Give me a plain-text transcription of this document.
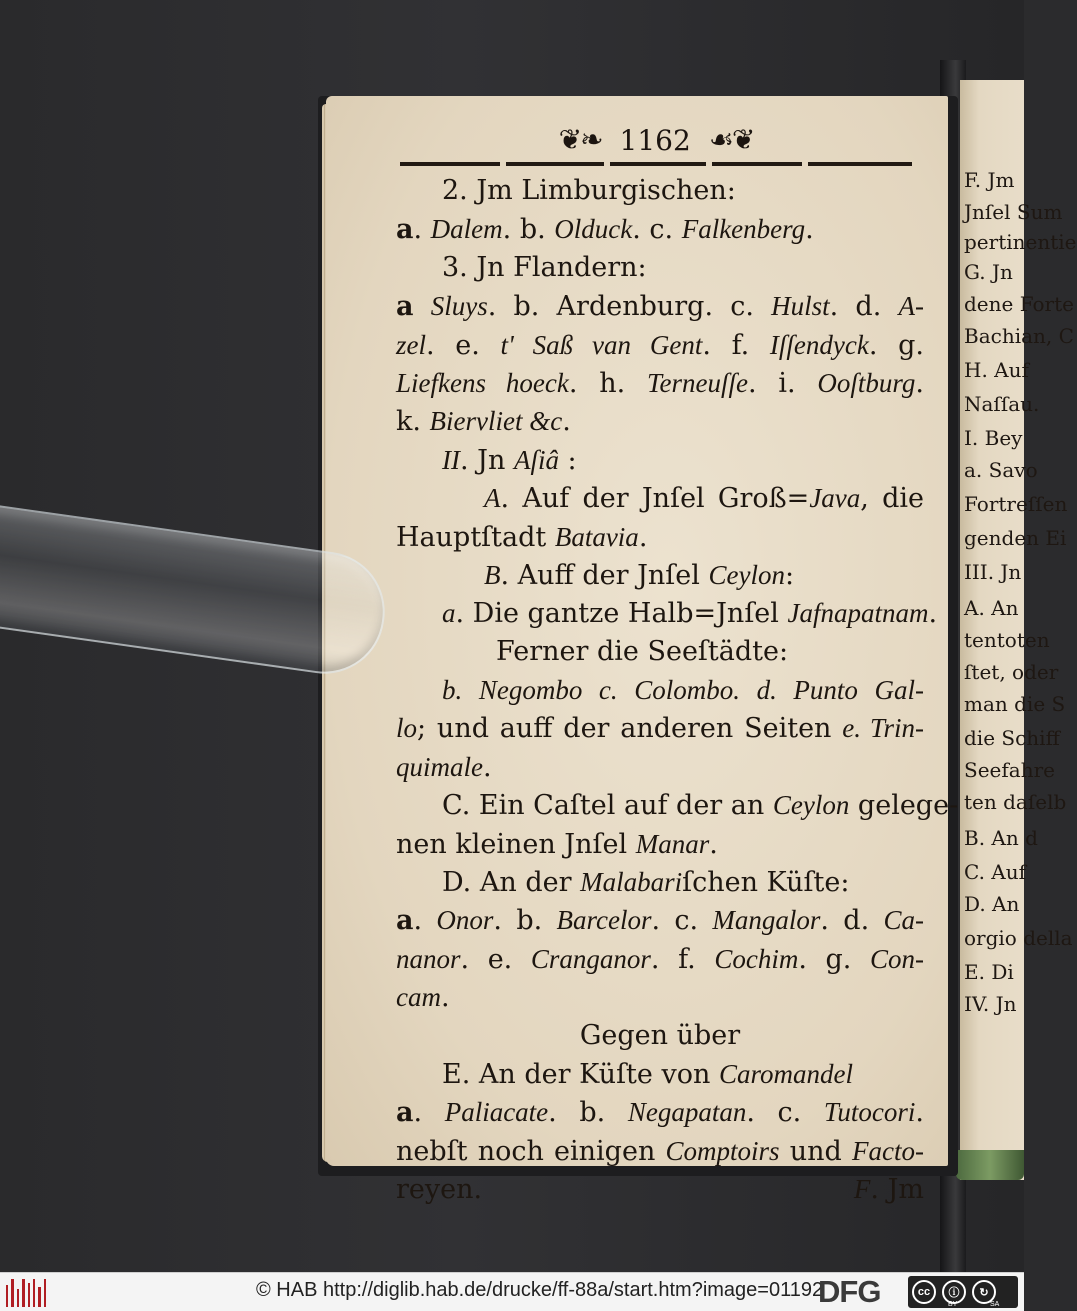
F. Jm
Jnſel Sum
pertinentie
G. Jn
dene Forte
Bachian, C
H. Auf
Naſſau.
I. Bey
a. Savo
Fortreſſen
genden Ei
III. Jn
A. An
tentoten
ſtet, oder
man die S
die Schiff
Seefahre
ten daſelb
B. An d
C. Auf
D. An
orgio della
E. Di
IV. Jn
❦❧ 1162 ☙❦
2. Jm Limburgischen:
a. Dalem. b. Olduck. c. Falkenberg.
3. Jn Flandern:
a Sluys. b. Ardenburg. c. Hulst. d. A-
zel. e. t' Saß van Gent. f. Iſſendyck. g.
Liefkens hoeck. h. Terneuſſe. i. Ooſtburg.
k. Biervliet &c.
II. Jn Aſiâ :
A. Auf der Jnſel Groß=Java, die
Hauptſtadt Batavia.
B. Auff der Jnſel Ceylon:
a. Die gantze Halb=Jnſel Jafnapatnam.
Ferner die Seeſtädte:
b. Negombo c. Colombo. d. Punto Gal-
lo; und auff der anderen Seiten e. Trin-
quimale.
C. Ein Caſtel auf der an Ceylon gelege-
nen kleinen Jnſel Manar.
D. An der Malabariſchen Küſte:
a. Onor. b. Barcelor. c. Mangalor. d. Ca-
nanor. e. Cranganor. f. Cochim. g. Con-
cam.
Gegen über
E. An der Küſte von Caromandel
a. Paliacate. b. Negapatan. c. Tutocori.
nebſt noch einigen Comptoirs und Facto-
reyen. F. Jm
© HAB http://diglib.hab.de/drucke/ff-88a/start.htm?image=01192
DFG	cc	ⓘ	↻
BY	SA
